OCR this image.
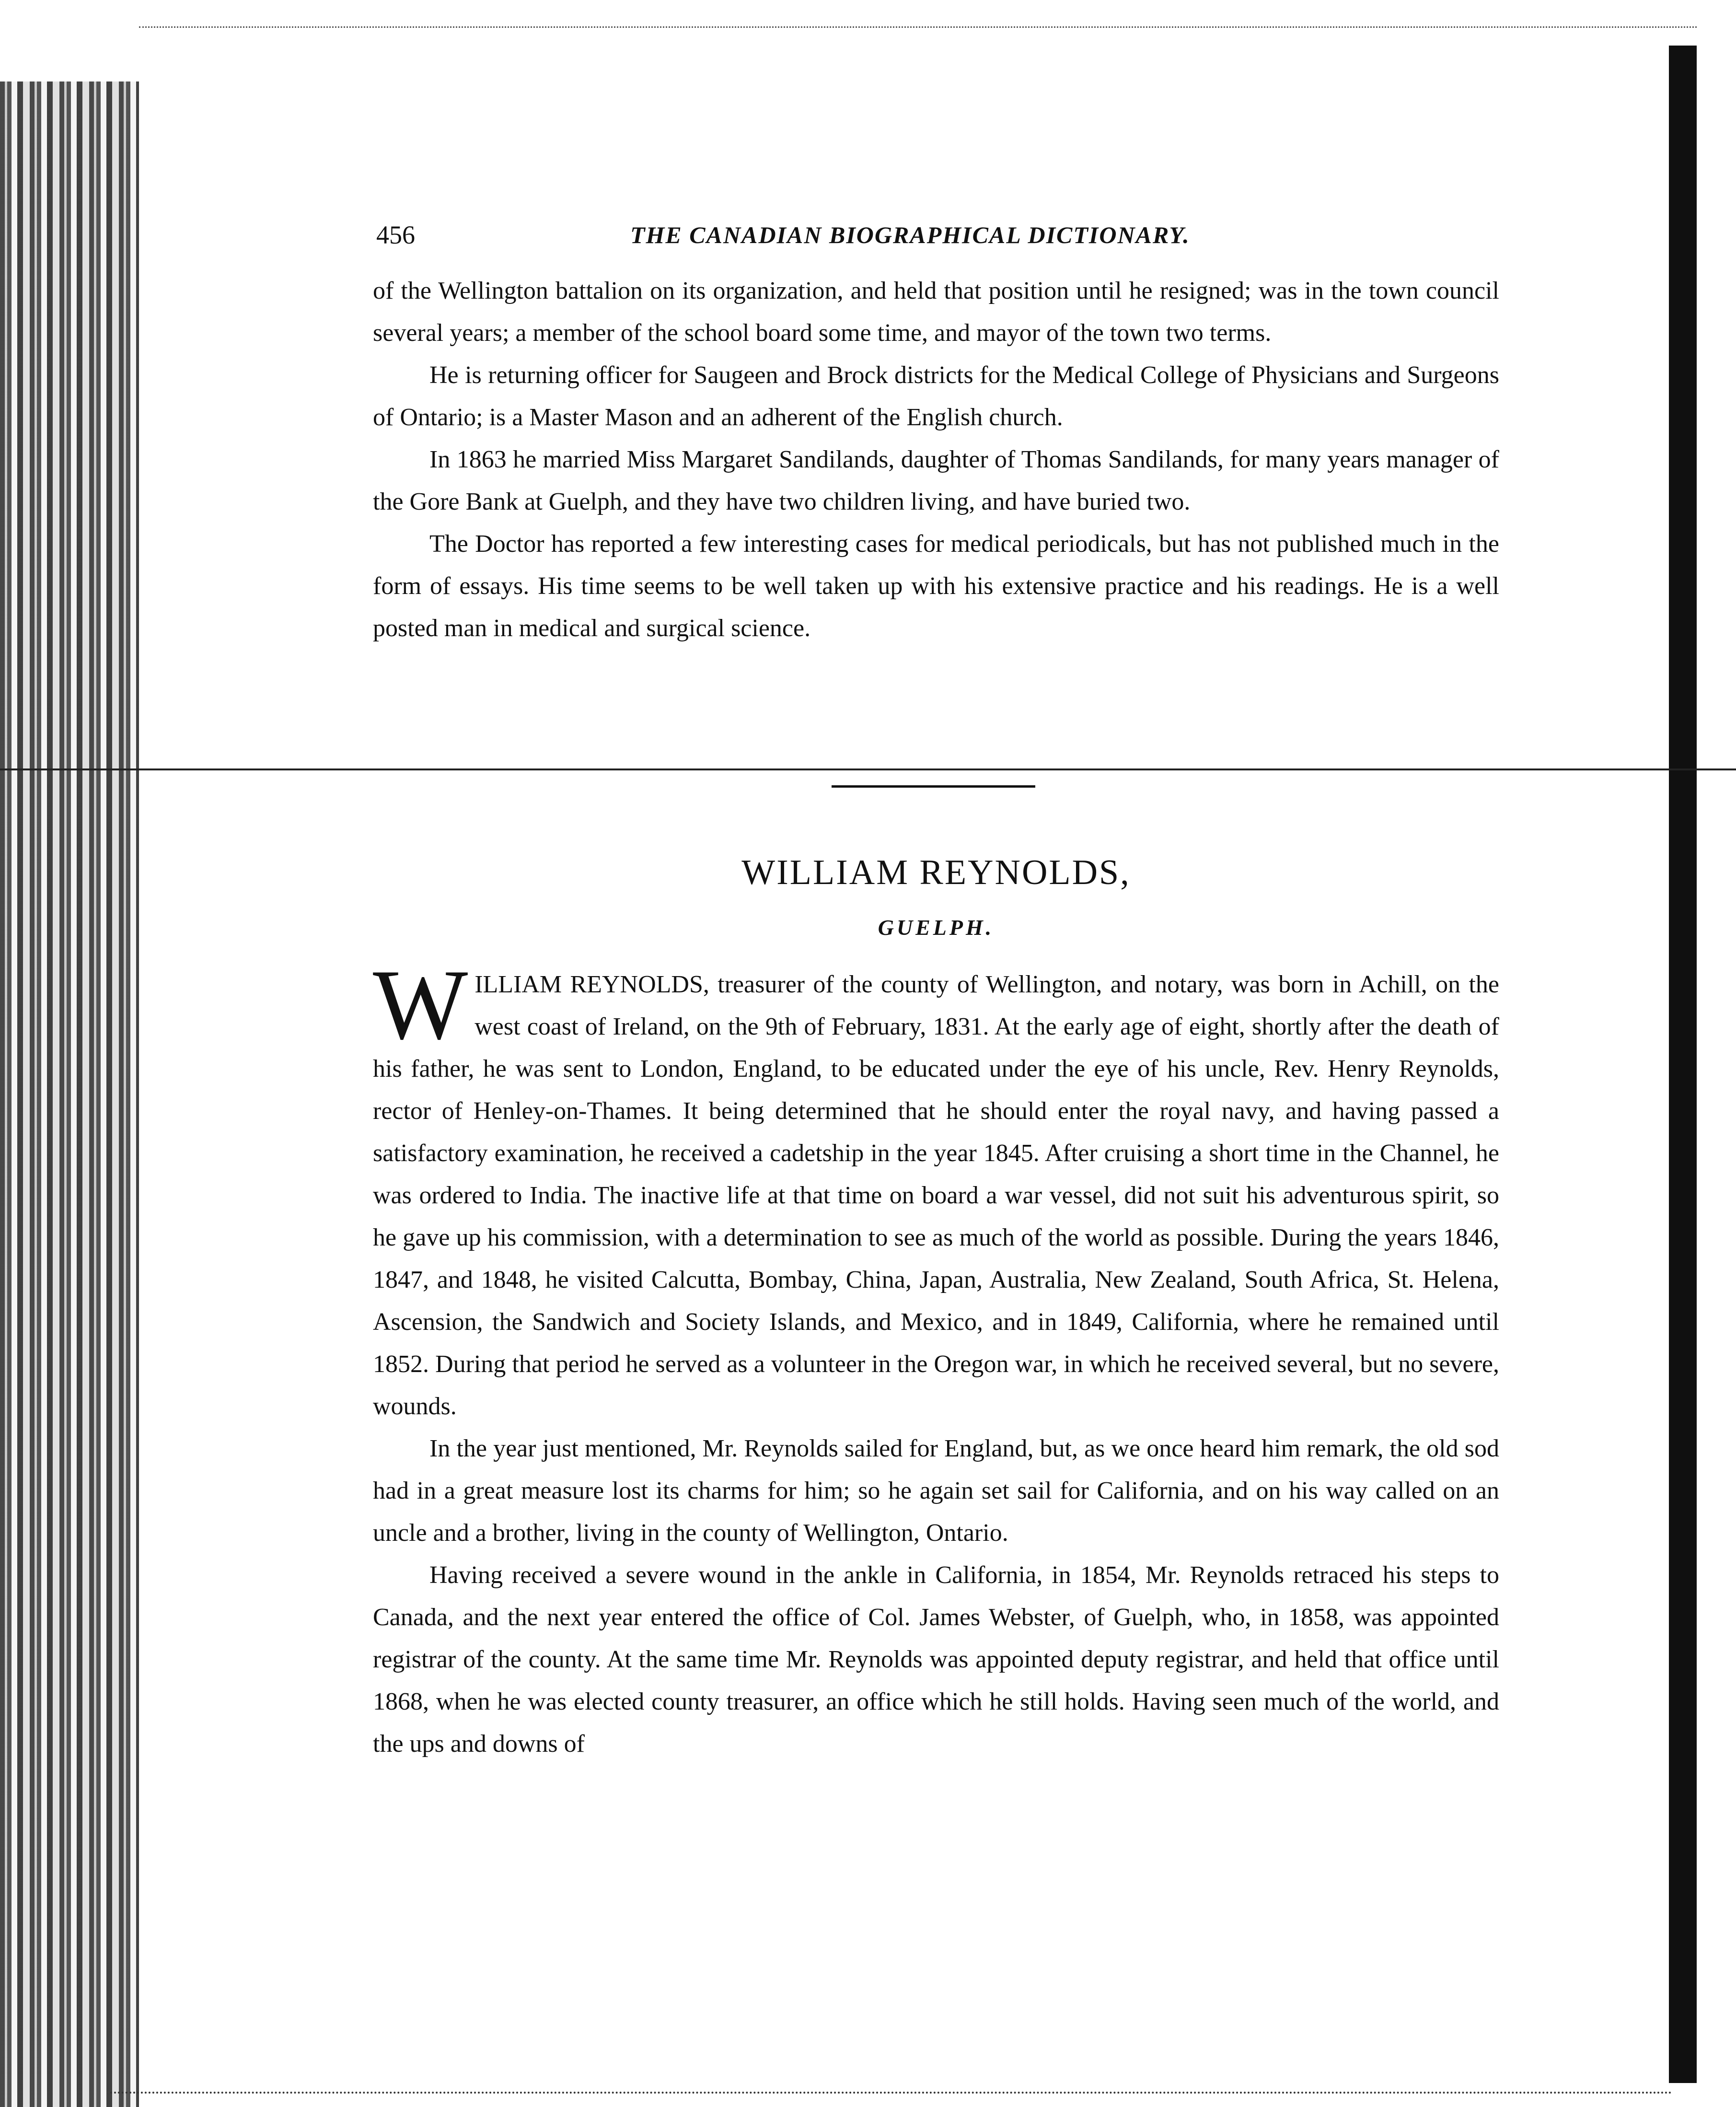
456	THE CANADIAN BIOGRAPHICAL DICTIONARY.

of the Wellington battalion on its organization, and held that position until he resigned; was in the town council several years; a member of the school board some time, and mayor of the town two terms.

He is returning officer for Saugeen and Brock districts for the Medical College of Physicians and Surgeons of Ontario; is a Master Mason and an adherent of the English church.

In 1863 he married Miss Margaret Sandilands, daughter of Thomas Sandilands, for many years manager of the Gore Bank at Guelph, and they have two children living, and have buried two.

The Doctor has reported a few interesting cases for medical periodicals, but has not published much in the form of essays. His time seems to be well taken up with his extensive practice and his readings. He is a well posted man in medical and surgical science.

WILLIAM REYNOLDS,
GUELPH.

WILLIAM REYNOLDS, treasurer of the county of Wellington, and notary, was born in Achill, on the west coast of Ireland, on the 9th of February, 1831. At the early age of eight, shortly after the death of his father, he was sent to London, England, to be educated under the eye of his uncle, Rev. Henry Reynolds, rector of Henley-on-Thames. It being determined that he should enter the royal navy, and having passed a satisfactory examination, he received a cadetship in the year 1845. After cruising a short time in the Channel, he was ordered to India. The inactive life at that time on board a war vessel, did not suit his adventurous spirit, so he gave up his commission, with a determination to see as much of the world as possible. During the years 1846, 1847, and 1848, he visited Calcutta, Bombay, China, Japan, Australia, New Zealand, South Africa, St. Helena, Ascension, the Sandwich and Society Islands, and Mexico, and in 1849, California, where he remained until 1852. During that period he served as a volunteer in the Oregon war, in which he received several, but no severe, wounds.

In the year just mentioned, Mr. Reynolds sailed for England, but, as we once heard him remark, the old sod had in a great measure lost its charms for him; so he again set sail for California, and on his way called on an uncle and a brother, living in the county of Wellington, Ontario.

Having received a severe wound in the ankle in California, in 1854, Mr. Reynolds retraced his steps to Canada, and the next year entered the office of Col. James Webster, of Guelph, who, in 1858, was appointed registrar of the county. At the same time Mr. Reynolds was appointed deputy registrar, and held that office until 1868, when he was elected county treasurer, an office which he still holds. Having seen much of the world, and the ups and downs of
